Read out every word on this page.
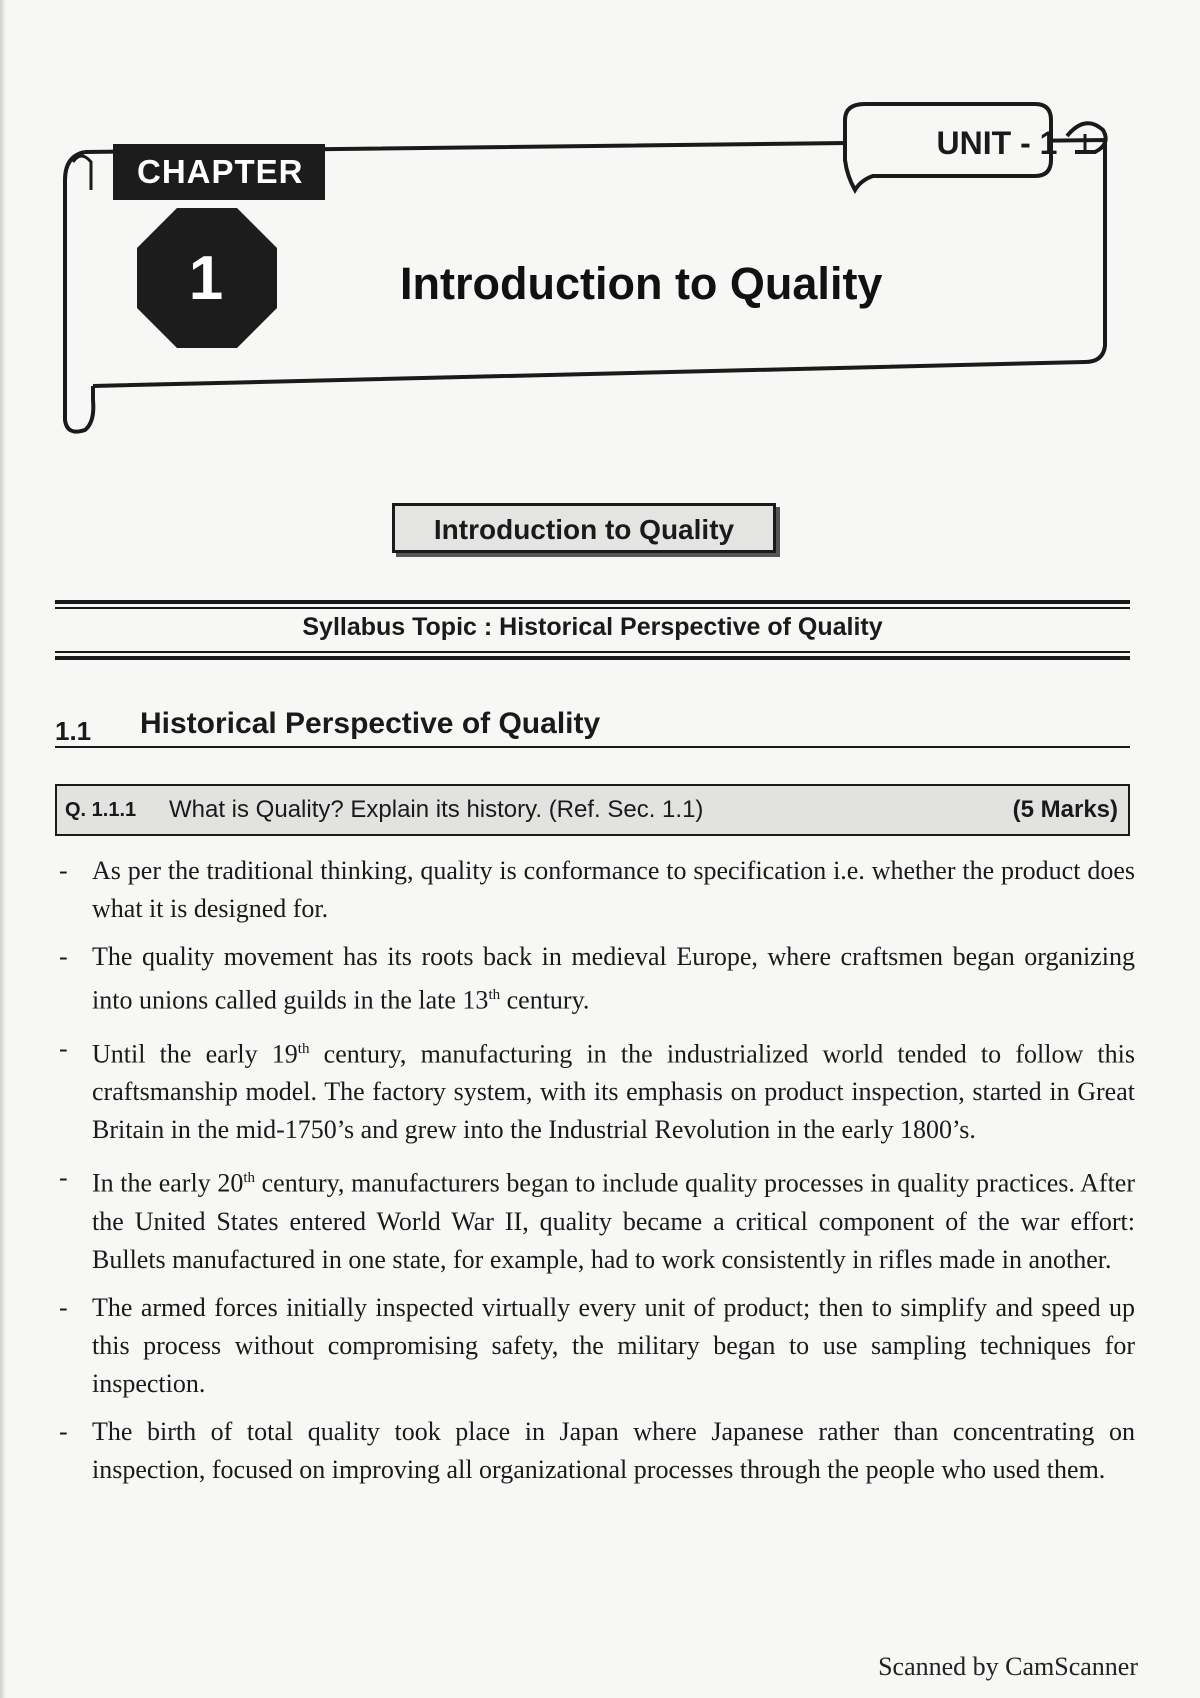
CHAPTER
1
UNIT - 1
Introduction to Quality
Introduction to Quality
Syllabus Topic : Historical Perspective of Quality
1.1 Historical Perspective of Quality
Q. 1.1.1 What is Quality? Explain its history. (Ref. Sec. 1.1)	(5 Marks)
- As per the traditional thinking, quality is conformance to specification i.e. whether the product does what it is designed for.
- The quality movement has its roots back in medieval Europe, where craftsmen began organizing into unions called guilds in the late 13th century.
- Until the early 19th century, manufacturing in the industrialized world tended to follow this craftsmanship model. The factory system, with its emphasis on product inspection, started in Great Britain in the mid-1750’s and grew into the Industrial Revolution in the early 1800’s.
- In the early 20th century, manufacturers began to include quality processes in quality practices. After the United States entered World War II, quality became a critical component of the war effort: Bullets manufactured in one state, for example, had to work consistently in rifles made in another.
- The armed forces initially inspected virtually every unit of product; then to simplify and speed up this process without compromising safety, the military began to use sampling techniques for inspection.
- The birth of total quality took place in Japan where Japanese rather than concentrating on inspection, focused on improving all organizational processes through the people who used them.
Scanned by CamScanner
